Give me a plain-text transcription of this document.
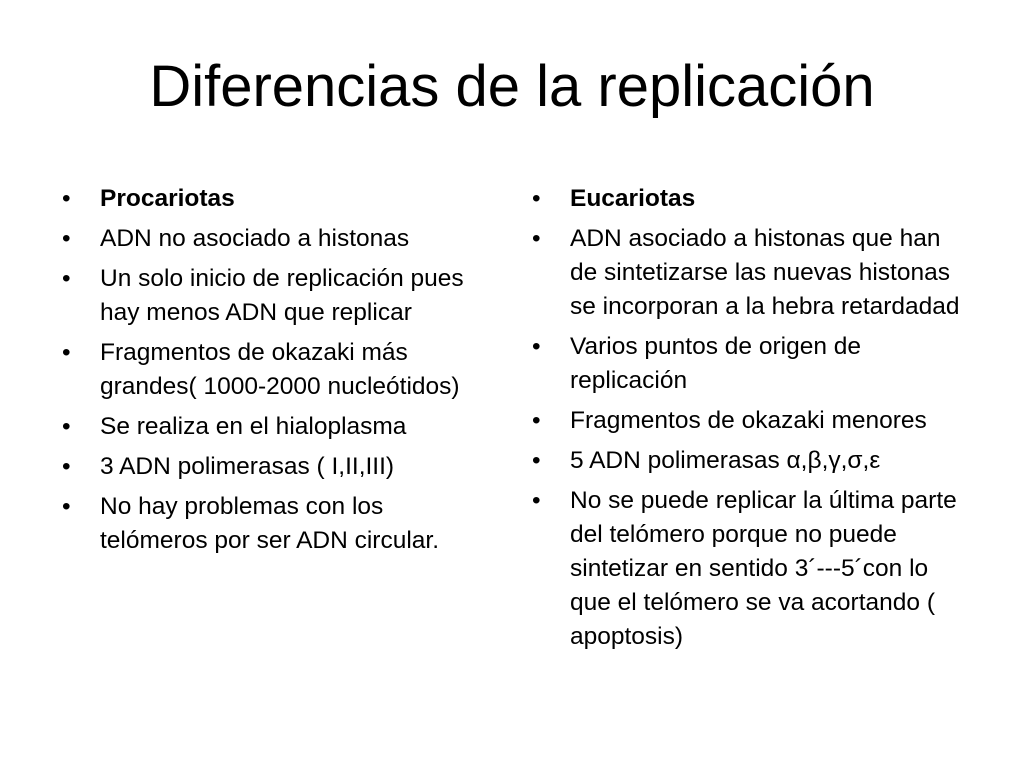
Diferencias de la replicación
• Procariotas
• ADN no asociado a histonas
• Un solo inicio de replicación pues hay menos ADN que replicar
• Fragmentos de okazaki más grandes( 1000-2000 nucleótidos)
• Se realiza en el hialoplasma
• 3 ADN polimerasas ( I,II,III)
• No hay problemas con los telómeros por ser ADN circular.
• Eucariotas
• ADN asociado a histonas que han de sintetizarse las nuevas histonas se incorporan a la hebra retardadad
• Varios puntos de origen de replicación
• Fragmentos de okazaki menores
• 5 ADN polimerasas α,β,γ,σ,ε
• No se puede replicar la última parte del telómero porque no puede sintetizar en sentido 3´---5´con lo que el telómero se va acortando ( apoptosis)
